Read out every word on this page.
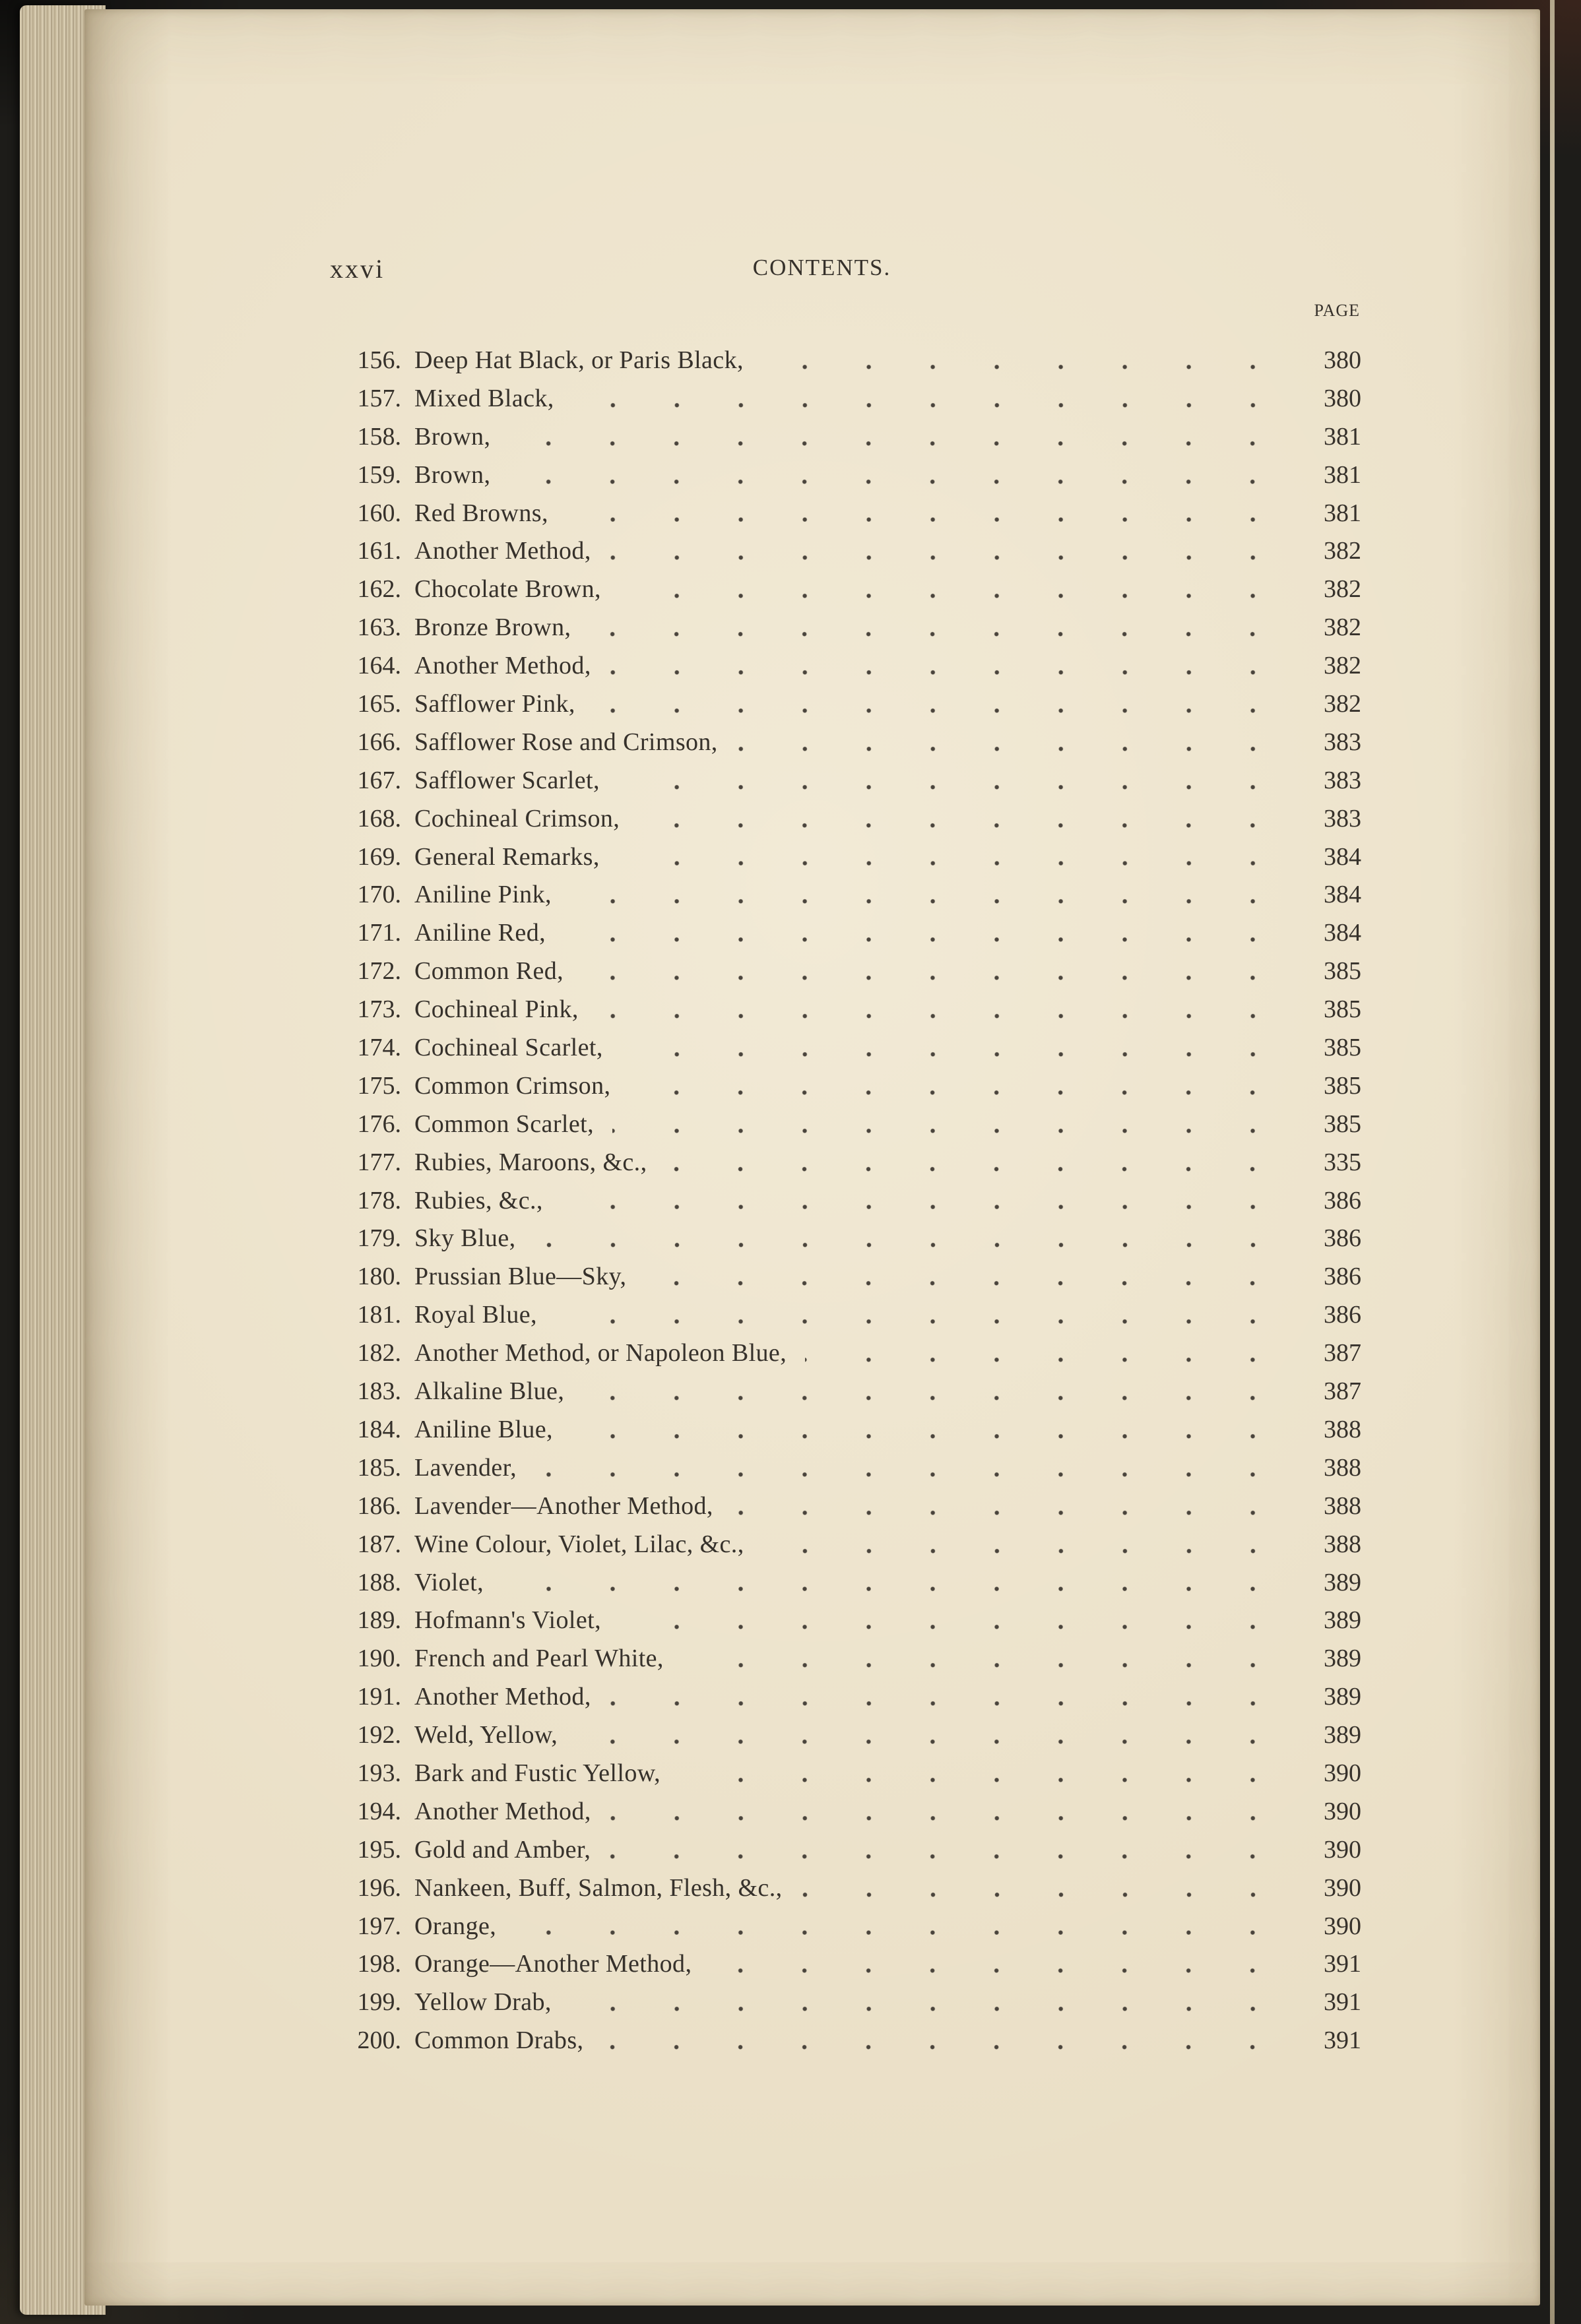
xxvi	CONTENTS.
PAGE
156. Deep Hat Black, or Paris Black,	380
157. Mixed Black,	380
158. Brown,	381
159. Brown,	381
160. Red Browns,	381
161. Another Method,	382
162. Chocolate Brown,	382
163. Bronze Brown,	382
164. Another Method,	382
165. Safflower Pink,	382
166. Safflower Rose and Crimson,	383
167. Safflower Scarlet,	383
168. Cochineal Crimson,	383
169. General Remarks,	384
170. Aniline Pink,	384
171. Aniline Red,	384
172. Common Red,	385
173. Cochineal Pink,	385
174. Cochineal Scarlet,	385
175. Common Crimson,	385
176. Common Scarlet,	385
177. Rubies, Maroons, &c.,	335
178. Rubies, &c.,	386
179. Sky Blue,	386
180. Prussian Blue—Sky,	386
181. Royal Blue,	386
182. Another Method, or Napoleon Blue,	387
183. Alkaline Blue,	387
184. Aniline Blue,	388
185. Lavender,	388
186. Lavender—Another Method,	388
187. Wine Colour, Violet, Lilac, &c.,	388
188. Violet,	389
189. Hofmann's Violet,	389
190. French and Pearl White,	389
191. Another Method,	389
192. Weld, Yellow,	389
193. Bark and Fustic Yellow,	390
194. Another Method,	390
195. Gold and Amber,	390
196. Nankeen, Buff, Salmon, Flesh, &c.,	390
197. Orange,	390
198. Orange—Another Method,	391
199. Yellow Drab,	391
200. Common Drabs,	391
